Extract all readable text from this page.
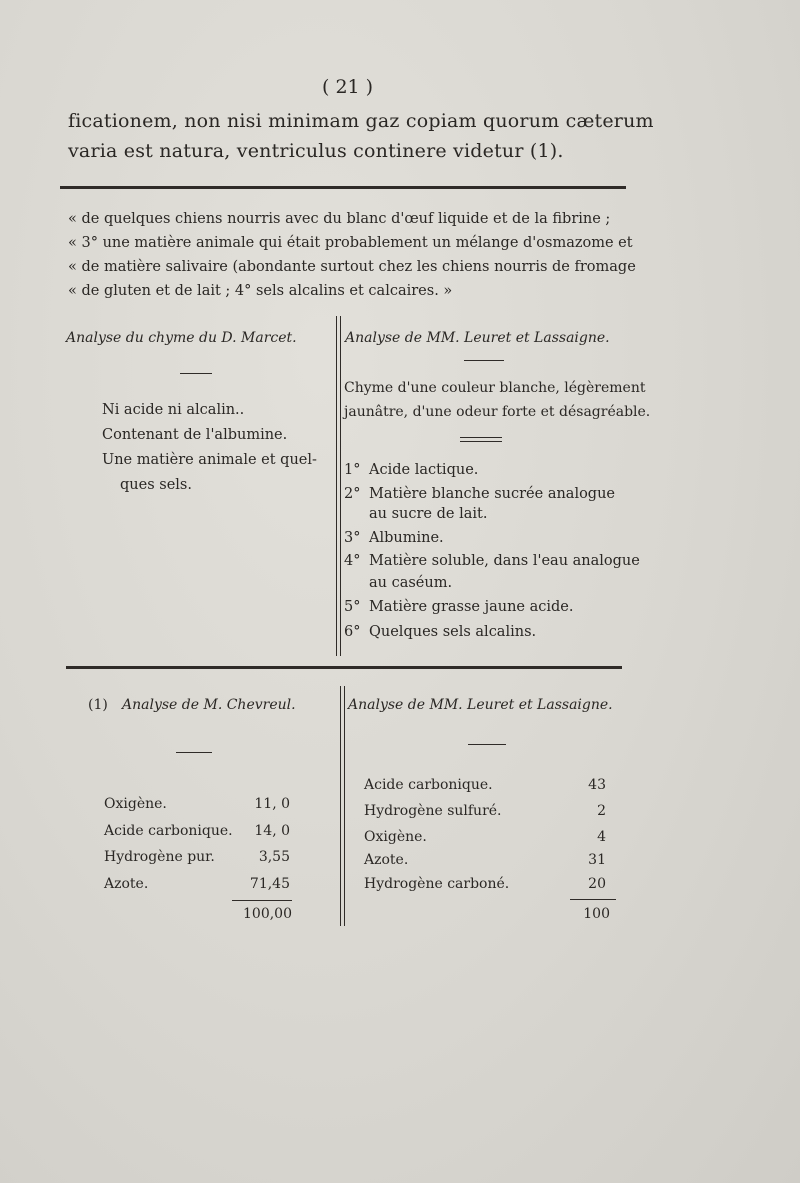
( 21 )
ficationem, non nisi minimam gaz copiam quorum cæterum
varia est natura, ventriculus continere videtur (1).
« de quelques chiens nourris avec du blanc d'œuf liquide et de la fibrine ;
« 3° une matière animale qui était probablement un mélange d'osmazome et
« de matière salivaire (abondante surtout chez les chiens nourris de fromage
« de gluten et de lait ; 4° sels alcalins et calcaires. »
Analyse du chyme du D. Marcet.
Ni acide ni alcalin..
Contenant de l'albumine.
Une matière animale et quel-
ques sels.
Analyse de MM. Leuret et Lassaigne.
Chyme d'une couleur blanche, légèrement
jaunâtre, d'une odeur forte et désagréable.
1° Acide lactique.
2° Matière blanche sucrée analogue
au sucre de lait.
3° Albumine.
4° Matière soluble, dans l'eau analogue
au caséum.
5° Matière grasse jaune acide.
6° Quelques sels alcalins.
(1) Analyse de M. Chevreul.
Oxigène.	11, 0
Acide carbonique.	14, 0
Hydrogène pur.	3,55
Azote.	71,45
100,00
Analyse de MM. Leuret et Lassaigne.
Acide carbonique.	43
Hydrogène sulfuré.	2
Oxigène.	4
Azote.	31
Hydrogène carboné.	20
100
